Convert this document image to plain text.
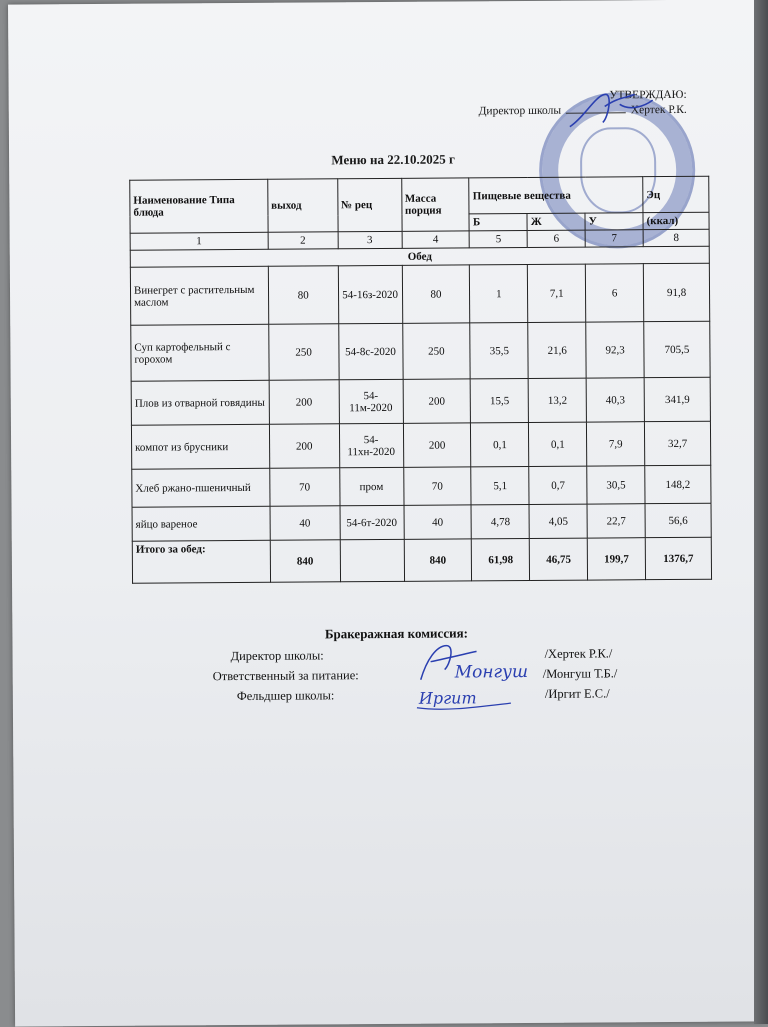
УТВЕРЖДАЮ:
Директор школы	Хертек Р.К.
Меню на 22.10.2025 г
Наименование Типа блюда	выход	№ рец	Масса порция	Пищевые вещества			Эц
				Б	Ж	У	(ккал)
1	2	3	4	5	6	7	8
Обед							
Винегрет с растительным маслом	80	54-16з-2020	80	1	7,1	6	91,8
Суп картофельный с горохом	250	54-8с-2020	250	35,5	21,6	92,3	705,5
Плов из отварной говядины	200	54-11м-2020	200	15,5	13,2	40,3	341,9
компот из брусники	200	54-11хн-2020	200	0,1	0,1	7,9	32,7
Хлеб ржано-пшеничный	70	пром	70	5,1	0,7	30,5	148,2
яйцо вареное	40	54-6т-2020	40	4,78	4,05	22,7	56,6
Итого за обед:	840		840	61,98	46,75	199,7	1376,7
Бракеражная комиссия:
Директор школы:	/Хертек Р.К./
Ответственный за питание:	/Монгуш Т.Б./
Фельдшер школы:	/Иргит Е.С./
Монгуш
Иргит
